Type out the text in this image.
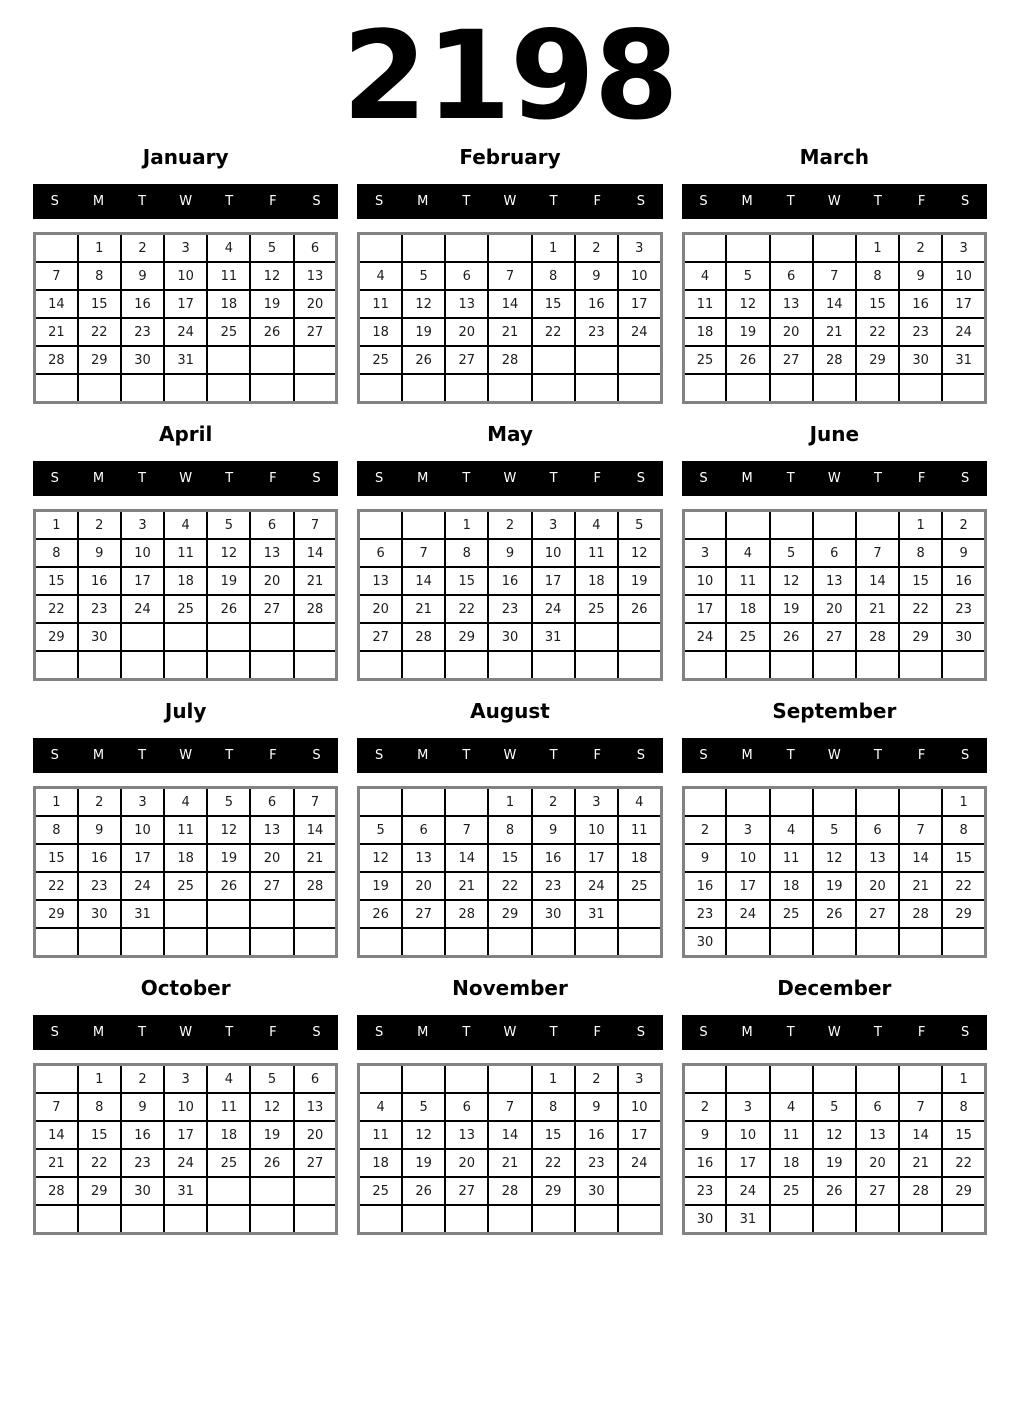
2198
January
S	M	T	W	T	F	S
	1	2	3	4	5	6
7	8	9	10	11	12	13
14	15	16	17	18	19	20
21	22	23	24	25	26	27
28	29	30	31			

February
S	M	T	W	T	F	S
				1	2	3
4	5	6	7	8	9	10
11	12	13	14	15	16	17
18	19	20	21	22	23	24
25	26	27	28			

March
S	M	T	W	T	F	S
				1	2	3
4	5	6	7	8	9	10
11	12	13	14	15	16	17
18	19	20	21	22	23	24
25	26	27	28	29	30	31

April
S	M	T	W	T	F	S
1	2	3	4	5	6	7
8	9	10	11	12	13	14
15	16	17	18	19	20	21
22	23	24	25	26	27	28
29	30					

May
S	M	T	W	T	F	S
		1	2	3	4	5
6	7	8	9	10	11	12
13	14	15	16	17	18	19
20	21	22	23	24	25	26
27	28	29	30	31		

June
S	M	T	W	T	F	S
					1	2
3	4	5	6	7	8	9
10	11	12	13	14	15	16
17	18	19	20	21	22	23
24	25	26	27	28	29	30

July
S	M	T	W	T	F	S
1	2	3	4	5	6	7
8	9	10	11	12	13	14
15	16	17	18	19	20	21
22	23	24	25	26	27	28
29	30	31				

August
S	M	T	W	T	F	S
			1	2	3	4
5	6	7	8	9	10	11
12	13	14	15	16	17	18
19	20	21	22	23	24	25
26	27	28	29	30	31	

September
S	M	T	W	T	F	S
						1
2	3	4	5	6	7	8
9	10	11	12	13	14	15
16	17	18	19	20	21	22
23	24	25	26	27	28	29
30						
October
S	M	T	W	T	F	S
	1	2	3	4	5	6
7	8	9	10	11	12	13
14	15	16	17	18	19	20
21	22	23	24	25	26	27
28	29	30	31			

November
S	M	T	W	T	F	S
				1	2	3
4	5	6	7	8	9	10
11	12	13	14	15	16	17
18	19	20	21	22	23	24
25	26	27	28	29	30	

December
S	M	T	W	T	F	S
						1
2	3	4	5	6	7	8
9	10	11	12	13	14	15
16	17	18	19	20	21	22
23	24	25	26	27	28	29
30	31					
